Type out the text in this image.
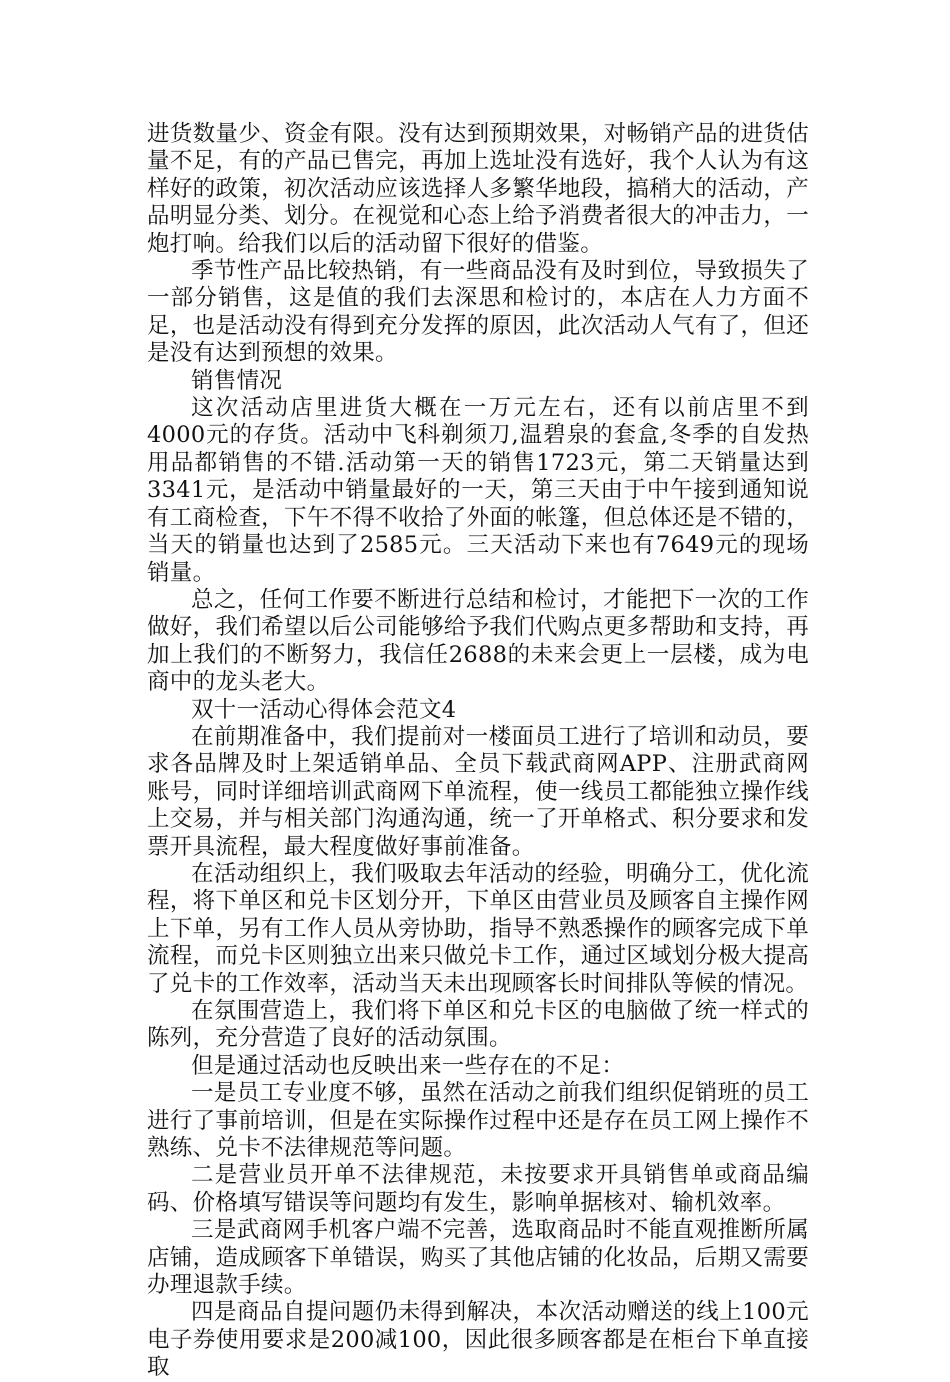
进货数量少、资金有限。没有达到预期效果，对畅销产品的进货估量不足，有的产品已售完，再加上选址没有选好，我个人认为有这样好的政策，初次活动应该选择人多繁华地段，搞稍大的活动，产品明显分类、划分。在视觉和心态上给予消费者很大的冲击力，一炮打响。给我们以后的活动留下很好的借鉴。

季节性产品比较热销，有一些商品没有及时到位，导致损失了一部分销售，这是值的我们去深思和检讨的，本店在人力方面不足，也是活动没有得到充分发挥的原因，此次活动人气有了，但还是没有达到预想的效果。

销售情况

这次活动店里进货大概在一万元左右，还有以前店里不到4000元的存货。活动中飞科剃须刀,温碧泉的套盒,冬季的自发热用品都销售的不错.活动第一天的销售1723元，第二天销量达到3341元，是活动中销量最好的一天，第三天由于中午接到通知说有工商检查，下午不得不收拾了外面的帐篷，但总体还是不错的，当天的销量也达到了2585元。三天活动下来也有7649元的现场销量。

总之，任何工作要不断进行总结和检讨，才能把下一次的工作做好，我们希望以后公司能够给予我们代购点更多帮助和支持，再加上我们的不断努力，我信任2688的未来会更上一层楼，成为电商中的龙头老大。

双十一活动心得体会范文4

在前期准备中，我们提前对一楼面员工进行了培训和动员，要求各品牌及时上架适销单品、全员下载武商网APP、注册武商网账号，同时详细培训武商网下单流程，使一线员工都能独立操作线上交易，并与相关部门沟通沟通，统一了开单格式、积分要求和发票开具流程，最大程度做好事前准备。

在活动组织上，我们吸取去年活动的经验，明确分工，优化流程，将下单区和兑卡区划分开，下单区由营业员及顾客自主操作网上下单，另有工作人员从旁协助，指导不熟悉操作的顾客完成下单流程，而兑卡区则独立出来只做兑卡工作，通过区域划分极大提高了兑卡的工作效率，活动当天未出现顾客长时间排队等候的情况。

在氛围营造上，我们将下单区和兑卡区的电脑做了统一样式的陈列，充分营造了良好的活动氛围。

但是通过活动也反映出来一些存在的不足：

一是员工专业度不够，虽然在活动之前我们组织促销班的员工进行了事前培训，但是在实际操作过程中还是存在员工网上操作不熟练、兑卡不法律规范等问题。

二是营业员开单不法律规范，未按要求开具销售单或商品编码、价格填写错误等问题均有发生，影响单据核对、输机效率。

三是武商网手机客户端不完善，选取商品时不能直观推断所属店铺，造成顾客下单错误，购买了其他店铺的化妆品，后期又需要办理退款手续。

四是商品自提问题仍未得到解决，本次活动赠送的线上100元电子券使用要求是200减100，因此很多顾客都是在柜台下单直接取
